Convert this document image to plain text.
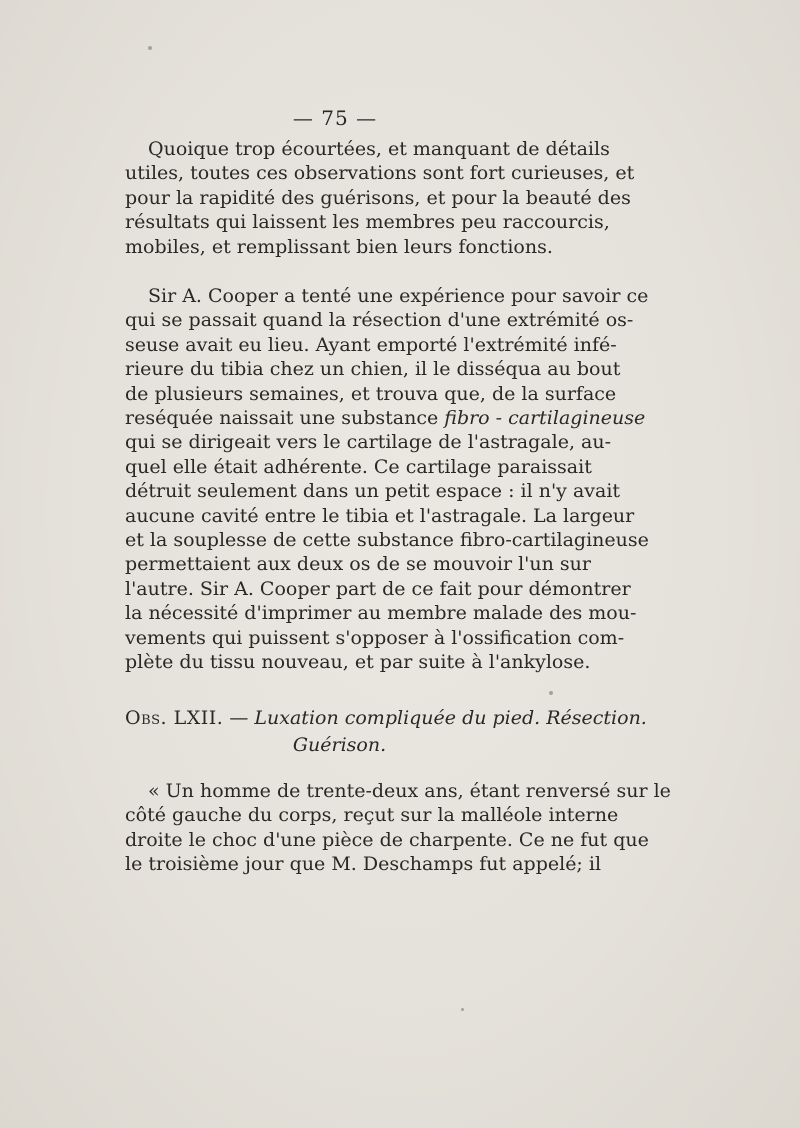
— 75 —
Quoique trop écourtées, et manquant de détails
utiles, toutes ces observations sont fort curieuses, et
pour la rapidité des guérisons, et pour la beauté des
résultats qui laissent les membres peu raccourcis,
mobiles, et remplissant bien leurs fonctions.
Sir A. Cooper a tenté une expérience pour savoir ce
qui se passait quand la résection d'une extrémité os-
seuse avait eu lieu. Ayant emporté l'extrémité infé-
rieure du tibia chez un chien, il le disséqua au bout
de plusieurs semaines, et trouva que, de la surface
reséquée naissait une substance fibro - cartilagineuse
qui se dirigeait vers le cartilage de l'astragale, au-
quel elle était adhérente. Ce cartilage paraissait
détruit seulement dans un petit espace : il n'y avait
aucune cavité entre le tibia et l'astragale. La largeur
et la souplesse de cette substance fibro-cartilagineuse
permettaient aux deux os de se mouvoir l'un sur
l'autre. Sir A. Cooper part de ce fait pour démontrer
la nécessité d'imprimer au membre malade des mou-
vements qui puissent s'opposer à l'ossification com-
plète du tissu nouveau, et par suite à l'ankylose.
Obs. LXII. — Luxation compliquée du pied. Résection.
Guérison.
« Un homme de trente-deux ans, étant renversé sur le
côté gauche du corps, reçut sur la malléole interne
droite le choc d'une pièce de charpente. Ce ne fut que
le troisième jour que M. Deschamps fut appelé; il
